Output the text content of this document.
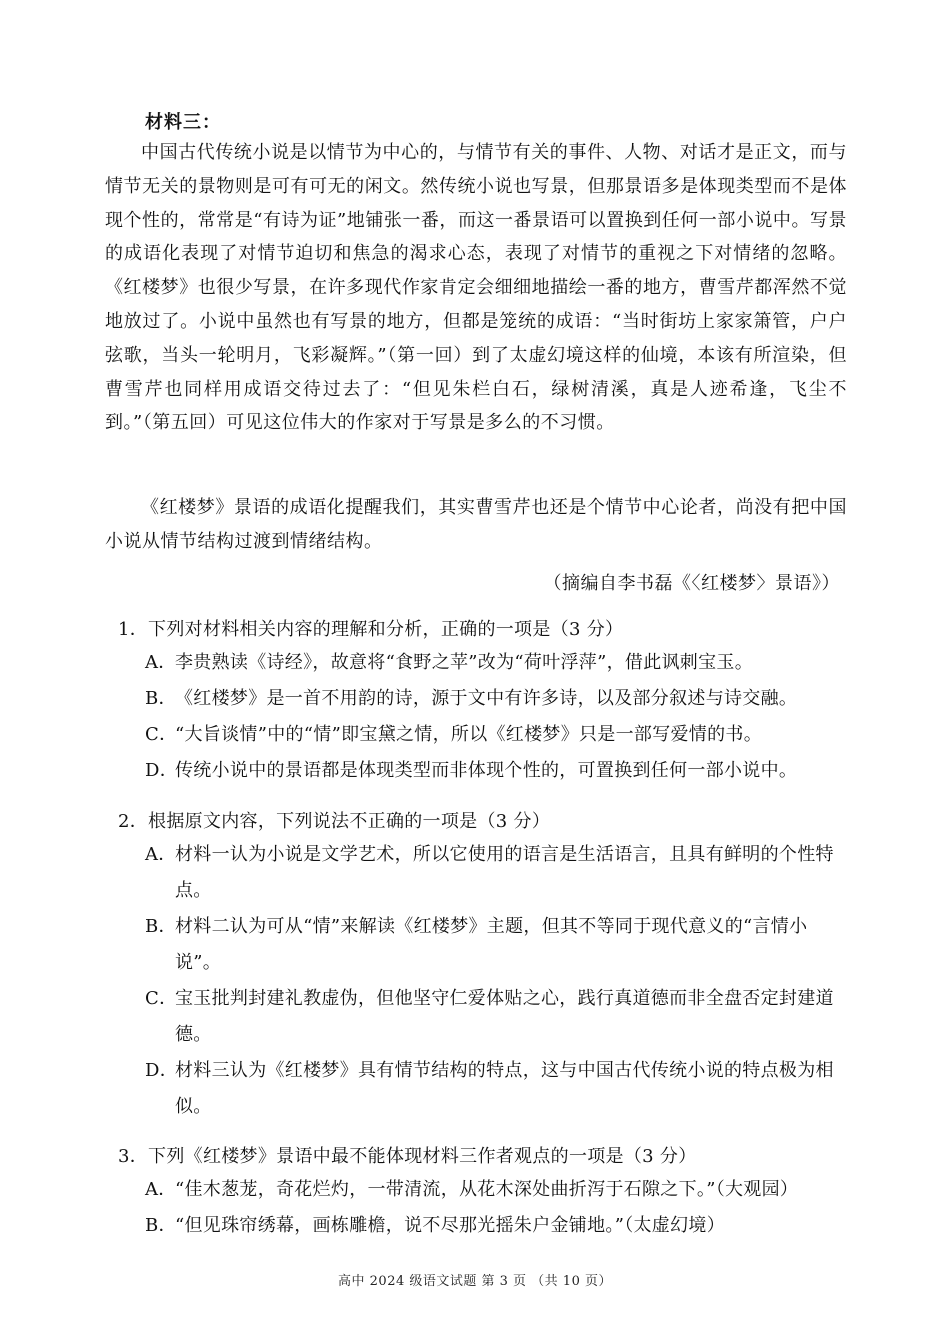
材料三：
中国古代传统小说是以情节为中心的，与情节有关的事件、人物、对话才是正文，而与情节无关的景物则是可有可无的闲文。然传统小说也写景，但那景语多是体现类型而不是体现个性的，常常是“有诗为证”地铺张一番，而这一番景语可以置换到任何一部小说中。写景的成语化表现了对情节迫切和焦急的渴求心态，表现了对情节的重视之下对情绪的忽略。《红楼梦》也很少写景，在许多现代作家肯定会细细地描绘一番的地方，曹雪芹都浑然不觉地放过了。小说中虽然也有写景的地方，但都是笼统的成语：“当时街坊上家家箫管，户户弦歌，当头一轮明月，飞彩凝辉。”（第一回）到了太虚幻境这样的仙境，本该有所渲染，但曹雪芹也同样用成语交待过去了：“但见朱栏白石，绿树清溪，真是人迹希逢，飞尘不到。”（第五回）可见这位伟大的作家对于写景是多么的不习惯。
《红楼梦》景语的成语化提醒我们，其实曹雪芹也还是个情节中心论者，尚没有把中国小说从情节结构过渡到情绪结构。
（摘编自李书磊《〈红楼梦〉景语》）
1．下列对材料相关内容的理解和分析，正确的一项是（3 分）
A．
李贵熟读《诗经》，故意将“食野之苹”改为“荷叶浮萍”，借此讽刺宝玉。
B．
《红楼梦》是一首不用韵的诗，源于文中有许多诗，以及部分叙述与诗交融。
C．
“大旨谈情”中的“情”即宝黛之情，所以《红楼梦》只是一部写爱情的书。
D．
传统小说中的景语都是体现类型而非体现个性的，可置换到任何一部小说中。
2．根据原文内容，下列说法不正确的一项是（3 分）
A．
材料一认为小说是文学艺术，所以它使用的语言是生活语言，且具有鲜明的个性特点。
B．
材料二认为可从“情”来解读《红楼梦》主题，但其不等同于现代意义的“言情小说”。
C．
宝玉批判封建礼教虚伪，但他坚守仁爱体贴之心，践行真道德而非全盘否定封建道德。
D．
材料三认为《红楼梦》具有情节结构的特点，这与中国古代传统小说的特点极为相似。
3．下列《红楼梦》景语中最不能体现材料三作者观点的一项是（3 分）
A．
“佳木葱茏，奇花烂灼，一带清流，从花木深处曲折泻于石隙之下。”（大观园）
B．
“但见珠帘绣幕，画栋雕檐，说不尽那光摇朱户金铺地。”（太虚幻境）
高中 2024 级语文试题 第 3 页 （共 10 页）
